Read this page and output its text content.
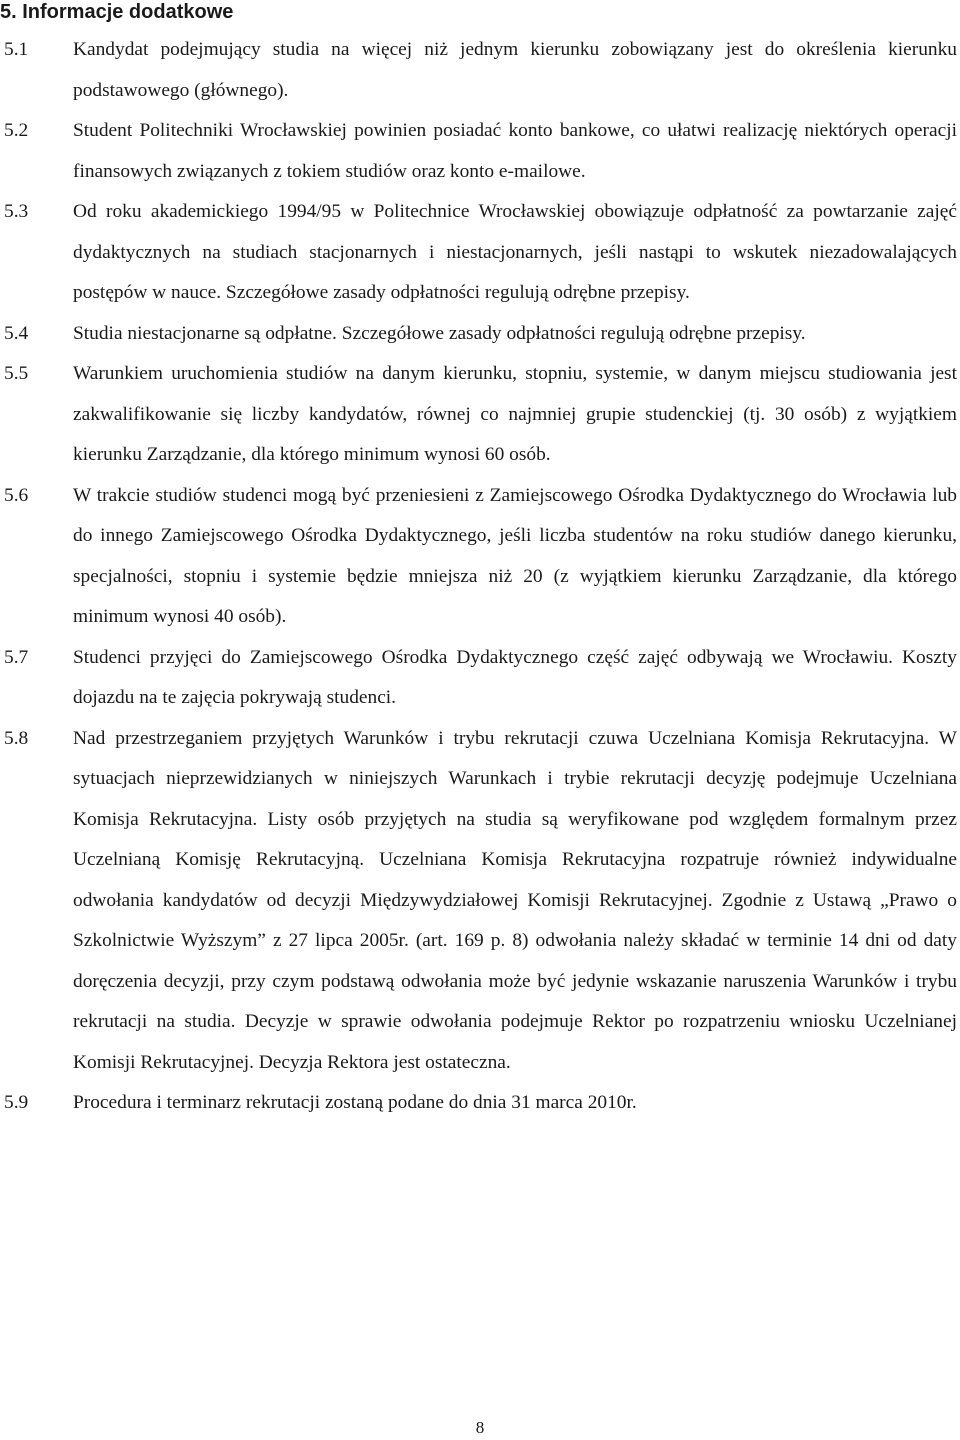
5. Informacje dodatkowe
5.1	Kandydat podejmujący studia na więcej niż jednym kierunku zobowiązany jest do określenia kierunku podstawowego (głównego).
5.2	Student Politechniki Wrocławskiej powinien posiadać konto bankowe, co ułatwi realizację niektórych operacji finansowych związanych z tokiem studiów oraz konto e-mailowe.
5.3	Od roku akademickiego 1994/95 w Politechnice Wrocławskiej obowiązuje odpłatność za powtarzanie zajęć dydaktycznych na studiach stacjonarnych i niestacjonarnych, jeśli nastąpi to wskutek niezadowalających postępów w nauce. Szczegółowe zasady odpłatności regulują odrębne przepisy.
5.4	Studia niestacjonarne są odpłatne. Szczegółowe zasady odpłatności regulują odrębne przepisy.
5.5	Warunkiem uruchomienia studiów na danym kierunku, stopniu, systemie, w danym miejscu studiowania jest zakwalifikowanie się liczby kandydatów, równej co najmniej grupie studenckiej (tj. 30 osób) z wyjątkiem kierunku Zarządzanie, dla którego minimum wynosi 60 osób.
5.6	W trakcie studiów studenci mogą być przeniesieni z Zamiejscowego Ośrodka Dydaktycznego do Wrocławia lub do innego Zamiejscowego Ośrodka Dydaktycznego, jeśli liczba studentów na roku studiów danego kierunku, specjalności, stopniu i systemie będzie mniejsza niż 20 (z wyjątkiem kierunku Zarządzanie, dla którego minimum wynosi 40 osób).
5.7	Studenci przyjęci do Zamiejscowego Ośrodka Dydaktycznego część zajęć odbywają we Wrocławiu. Koszty dojazdu na te zajęcia pokrywają studenci.
5.8	Nad przestrzeganiem przyjętych Warunków i trybu rekrutacji czuwa Uczelniana Komisja Rekrutacyjna. W sytuacjach nieprzewidzianych w niniejszych Warunkach i trybie rekrutacji decyzję podejmuje Uczelniana Komisja Rekrutacyjna. Listy osób przyjętych na studia są weryfikowane pod względem formalnym przez Uczelnianą Komisję Rekrutacyjną. Uczelniana Komisja Rekrutacyjna rozpatruje również indywidualne odwołania kandydatów od decyzji Międzywydziałowej Komisji Rekrutacyjnej. Zgodnie z Ustawą „Prawo o Szkolnictwie Wyższym” z 27 lipca 2005r. (art. 169 p. 8) odwołania należy składać w terminie 14 dni od daty doręczenia decyzji, przy czym podstawą odwołania może być jedynie wskazanie naruszenia Warunków i trybu rekrutacji na studia. Decyzje w sprawie odwołania podejmuje Rektor po rozpatrzeniu wniosku Uczelnianej Komisji Rekrutacyjnej. Decyzja Rektora jest ostateczna.
5.9	Procedura i terminarz rekrutacji zostaną podane do dnia 31 marca 2010r.
8
